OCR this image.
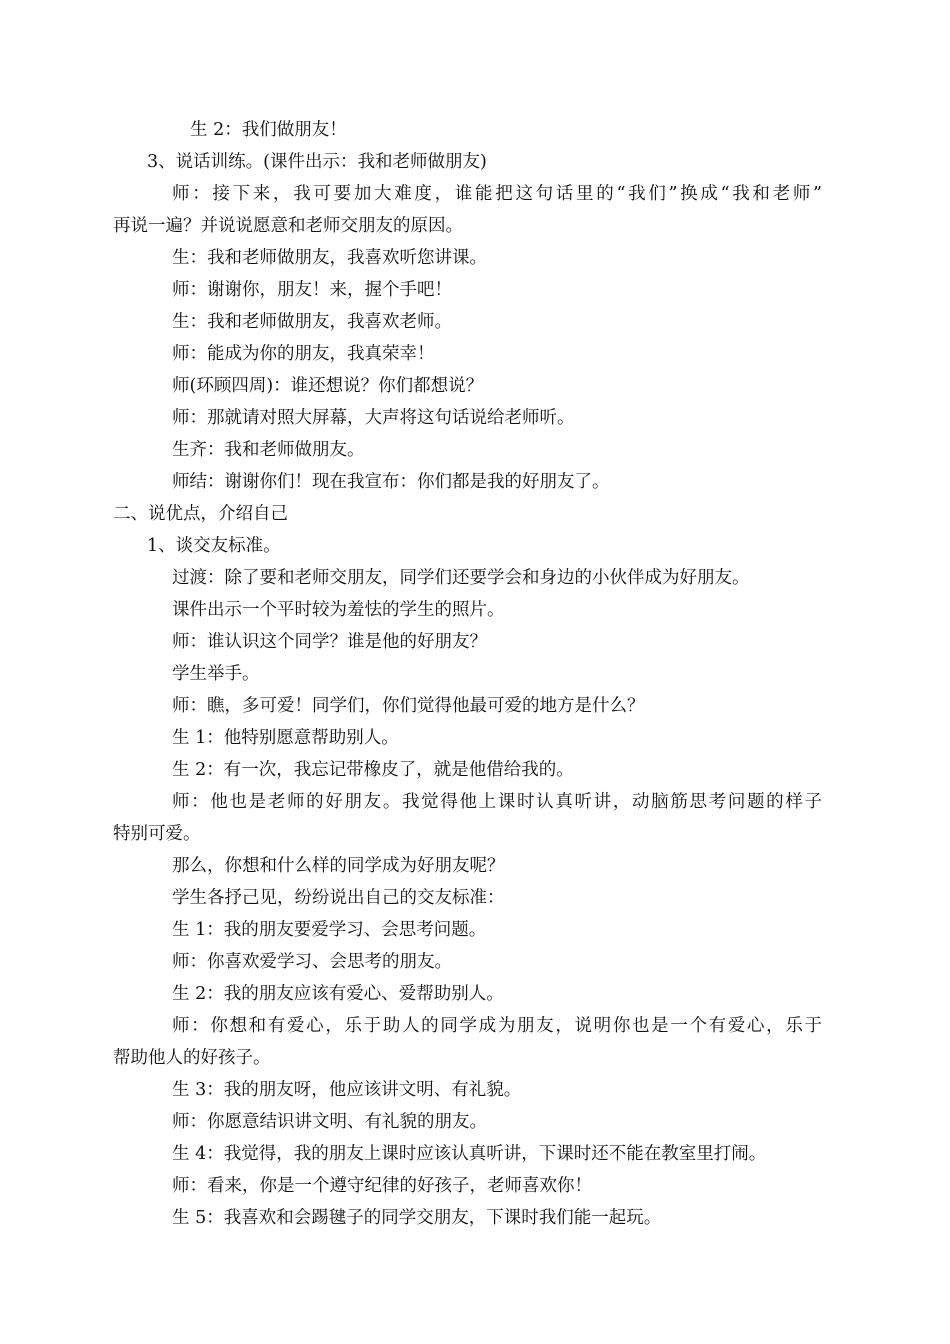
生 2：我们做朋友！
3、说话训练。(课件出示：我和老师做朋友)
师：接下来，我可要加大难度，谁能把这句话里的“我们”换成“我和老师”
再说一遍？并说说愿意和老师交朋友的原因。
生：我和老师做朋友，我喜欢听您讲课。
师：谢谢你，朋友！来，握个手吧！
生：我和老师做朋友，我喜欢老师。
师：能成为你的朋友，我真荣幸！
师(环顾四周)：谁还想说？你们都想说？
师：那就请对照大屏幕，大声将这句话说给老师听。
生齐：我和老师做朋友。
师结：谢谢你们！现在我宣布：你们都是我的好朋友了。
二、说优点，介绍自己
1、谈交友标准。
过渡：除了要和老师交朋友，同学们还要学会和身边的小伙伴成为好朋友。
课件出示一个平时较为羞怯的学生的照片。
师：谁认识这个同学？谁是他的好朋友？
学生举手。
师：瞧，多可爱！同学们，你们觉得他最可爱的地方是什么？
生 1：他特别愿意帮助别人。
生 2：有一次，我忘记带橡皮了，就是他借给我的。
师：他也是老师的好朋友。我觉得他上课时认真听讲，动脑筋思考问题的样子
特别可爱。
那么，你想和什么样的同学成为好朋友呢？
学生各抒己见，纷纷说出自己的交友标准：
生 1：我的朋友要爱学习、会思考问题。
师：你喜欢爱学习、会思考的朋友。
生 2：我的朋友应该有爱心、爱帮助别人。
师：你想和有爱心，乐于助人的同学成为朋友，说明你也是一个有爱心，乐于
帮助他人的好孩子。
生 3：我的朋友呀，他应该讲文明、有礼貌。
师：你愿意结识讲文明、有礼貌的朋友。
生 4：我觉得，我的朋友上课时应该认真听讲，下课时还不能在教室里打闹。
师：看来，你是一个遵守纪律的好孩子，老师喜欢你！
生 5：我喜欢和会踢毽子的同学交朋友，下课时我们能一起玩。
